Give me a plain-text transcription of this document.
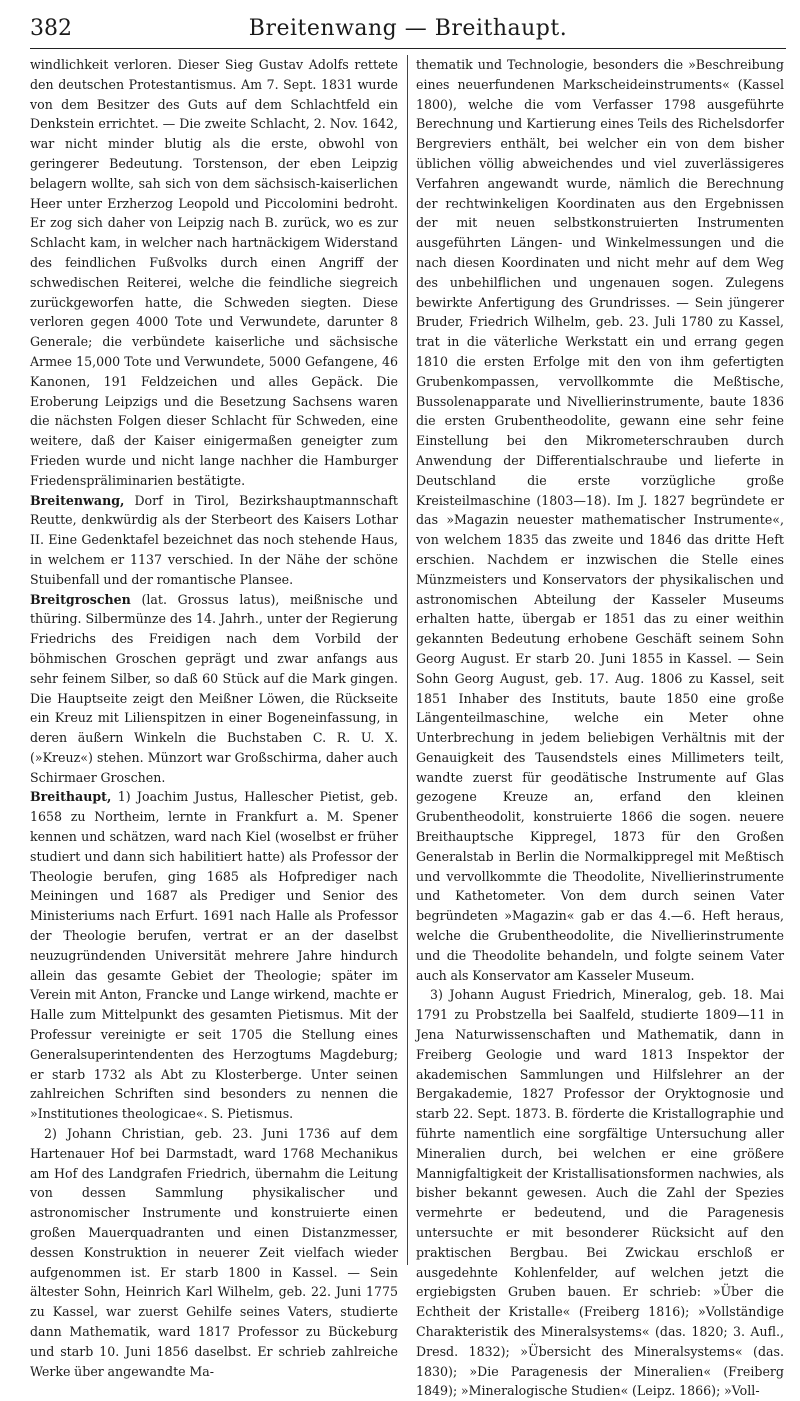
382	Breitenwang — Breithaupt.

windlichkeit verloren. Dieser Sieg Gustav Adolfs rettete den deutschen Protestantismus. Am 7. Sept. 1831 wurde von dem Besitzer des Guts auf dem Schlachtfeld ein Denkstein errichtet. — Die zweite Schlacht, 2. Nov. 1642, war nicht minder blutig als die erste, obwohl von geringerer Bedeutung. Torstenson, der eben Leipzig belagern wollte, sah sich von dem sächsisch-kaiserlichen Heer unter Erzherzog Leopold und Piccolomini bedroht. Er zog sich daher von Leipzig nach B. zurück, wo es zur Schlacht kam, in welcher nach hartnäckigem Widerstand des feindlichen Fußvolks durch einen Angriff der schwedischen Reiterei, welche die feindliche siegreich zurückgeworfen hatte, die Schweden siegten. Diese verloren gegen 4000 Tote und Verwundete, darunter 8 Generale; die verbündete kaiserliche und sächsische Armee 15,000 Tote und Verwundete, 5000 Gefangene, 46 Kanonen, 191 Feldzeichen und alles Gepäck. Die Eroberung Leipzigs und die Besetzung Sachsens waren die nächsten Folgen dieser Schlacht für Schweden, eine weitere, daß der Kaiser einigermaßen geneigter zum Frieden wurde und nicht lange nachher die Hamburger Friedenspräliminarien bestätigte.

Breitenwang, Dorf in Tirol, Bezirkshauptmannschaft Reutte, denkwürdig als der Sterbeort des Kaisers Lothar II. Eine Gedenktafel bezeichnet das noch stehende Haus, in welchem er 1137 verschied. In der Nähe der schöne Stuibenfall und der romantische Plansee.

Breitgroschen (lat. Grossus latus), meißnische und thüring. Silbermünze des 14. Jahrh., unter der Regierung Friedrichs des Freidigen nach dem Vorbild der böhmischen Groschen geprägt und zwar anfangs aus sehr feinem Silber, so daß 60 Stück auf die Mark gingen. Die Hauptseite zeigt den Meißner Löwen, die Rückseite ein Kreuz mit Lilienspitzen in einer Bogeneinfassung, in deren äußern Winkeln die Buchstaben C. R. U. X. (»Kreuz«) stehen. Münzort war Großschirma, daher auch Schirmaer Groschen.

Breithaupt, 1) Joachim Justus, Hallescher Pietist, geb. 1658 zu Northeim, lernte in Frankfurt a. M. Spener kennen und schätzen, ward nach Kiel (woselbst er früher studiert und dann sich habilitiert hatte) als Professor der Theologie berufen, ging 1685 als Hofprediger nach Meiningen und 1687 als Prediger und Senior des Ministeriums nach Erfurt. 1691 nach Halle als Professor der Theologie berufen, vertrat er an der daselbst neuzugründenden Universität mehrere Jahre hindurch allein das gesamte Gebiet der Theologie; später im Verein mit Anton, Francke und Lange wirkend, machte er Halle zum Mittelpunkt des gesamten Pietismus. Mit der Professur vereinigte er seit 1705 die Stellung eines Generalsuperintendenten des Herzogtums Magdeburg; er starb 1732 als Abt zu Klosterberge. Unter seinen zahlreichen Schriften sind besonders zu nennen die »Institutiones theologicae«. S. Pietismus.

2) Johann Christian, geb. 23. Juni 1736 auf dem Hartenauer Hof bei Darmstadt, ward 1768 Mechanikus am Hof des Landgrafen Friedrich, übernahm die Leitung von dessen Sammlung physikalischer und astronomischer Instrumente und konstruierte einen großen Mauerquadranten und einen Distanzmesser, dessen Konstruktion in neuerer Zeit vielfach wieder aufgenommen ist. Er starb 1800 in Kassel. — Sein ältester Sohn, Heinrich Karl Wilhelm, geb. 22. Juni 1775 zu Kassel, war zuerst Gehilfe seines Vaters, studierte dann Mathematik, ward 1817 Professor zu Bückeburg und starb 10. Juni 1856 daselbst. Er schrieb zahlreiche Werke über angewandte Ma-

thematik und Technologie, besonders die »Beschreibung eines neuerfundenen Markscheideinstruments« (Kassel 1800), welche die vom Verfasser 1798 ausgeführte Berechnung und Kartierung eines Teils des Richelsdorfer Bergreviers enthält, bei welcher ein von dem bisher üblichen völlig abweichendes und viel zuverlässigeres Verfahren angewandt wurde, nämlich die Berechnung der rechtwinkeligen Koordinaten aus den Ergebnissen der mit neuen selbstkonstruierten Instrumenten ausgeführten Längen- und Winkelmessungen und die nach diesen Koordinaten und nicht mehr auf dem Weg des unbehilflichen und ungenauen sogen. Zulegens bewirkte Anfertigung des Grundrisses. — Sein jüngerer Bruder, Friedrich Wilhelm, geb. 23. Juli 1780 zu Kassel, trat in die väterliche Werkstatt ein und errang gegen 1810 die ersten Erfolge mit den von ihm gefertigten Grubenkompassen, vervollkommte die Meßtische, Bussolenapparate und Nivellierinstrumente, baute 1836 die ersten Grubentheodolite, gewann eine sehr feine Einstellung bei den Mikrometerschrauben durch Anwendung der Differentialschraube und lieferte in Deutschland die erste vorzügliche große Kreisteilmaschine (1803—18). Im J. 1827 begründete er das »Magazin neuester mathematischer Instrumente«, von welchem 1835 das zweite und 1846 das dritte Heft erschien. Nachdem er inzwischen die Stelle eines Münzmeisters und Konservators der physikalischen und astronomischen Abteilung der Kasseler Museums erhalten hatte, übergab er 1851 das zu einer weithin gekannten Bedeutung erhobene Geschäft seinem Sohn Georg August. Er starb 20. Juni 1855 in Kassel. — Sein Sohn Georg August, geb. 17. Aug. 1806 zu Kassel, seit 1851 Inhaber des Instituts, baute 1850 eine große Längenteilmaschine, welche ein Meter ohne Unterbrechung in jedem beliebigen Verhältnis mit der Genauigkeit des Tausendstels eines Millimeters teilt, wandte zuerst für geodätische Instrumente auf Glas gezogene Kreuze an, erfand den kleinen Grubentheodolit, konstruierte 1866 die sogen. neuere Breithauptsche Kippregel, 1873 für den Großen Generalstab in Berlin die Normalkippregel mit Meßtisch und vervollkommte die Theodolite, Nivellierinstrumente und Kathetometer. Von dem durch seinen Vater begründeten »Magazin« gab er das 4.—6. Heft heraus, welche die Grubentheodolite, die Nivellierinstrumente und die Theodolite behandeln, und folgte seinem Vater auch als Konservator am Kasseler Museum.

3) Johann August Friedrich, Mineralog, geb. 18. Mai 1791 zu Probstzella bei Saalfeld, studierte 1809—11 in Jena Naturwissenschaften und Mathematik, dann in Freiberg Geologie und ward 1813 Inspektor der akademischen Sammlungen und Hilfslehrer an der Bergakademie, 1827 Professor der Oryktognosie und starb 22. Sept. 1873. B. förderte die Kristallographie und führte namentlich eine sorgfältige Untersuchung aller Mineralien durch, bei welchen er eine größere Mannigfaltigkeit der Kristallisationsformen nachwies, als bisher bekannt gewesen. Auch die Zahl der Spezies vermehrte er bedeutend, und die Paragenesis untersuchte er mit besonderer Rücksicht auf den praktischen Bergbau. Bei Zwickau erschloß er ausgedehnte Kohlenfelder, auf welchen jetzt die ergiebigsten Gruben bauen. Er schrieb: »Über die Echtheit der Kristalle« (Freiberg 1816); »Vollständige Charakteristik des Mineralsystems« (das. 1820; 3. Aufl., Dresd. 1832); »Übersicht des Mineralsystems« (das. 1830); »Die Paragenesis der Mineralien« (Freiberg 1849); »Mineralogische Studien« (Leipz. 1866); »Voll-
